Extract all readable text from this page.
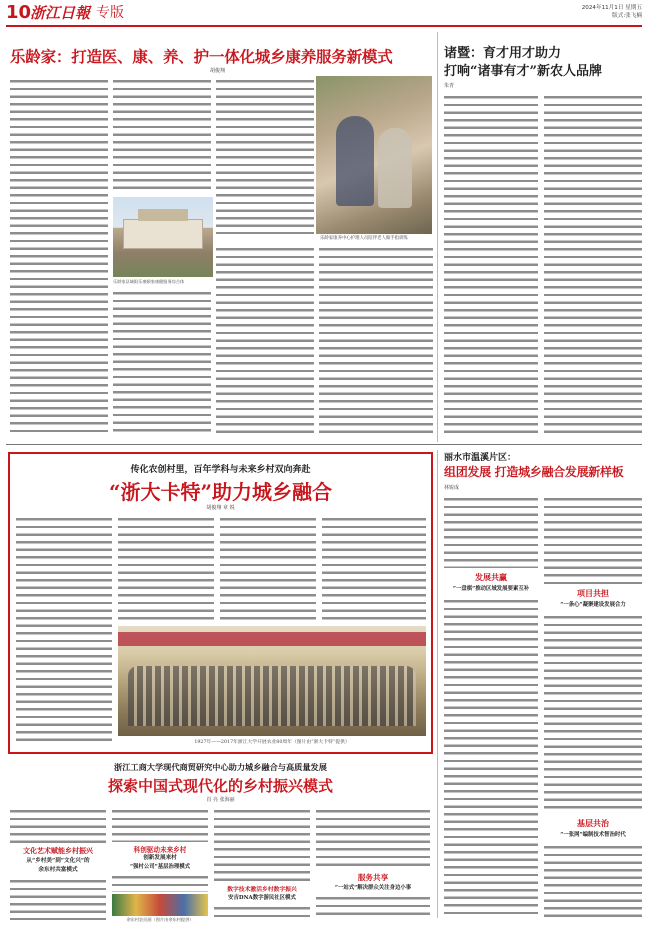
10
浙江日報 专版	2024年11月1日 星期五
版式:张飞楠
乐龄家：打造医、康、养、护一体化城乡康养服务新模式
胡俊翔
乐龄家康养中心护理人员陪伴老人做手指训练
乐龄家县域阳乐康颐家康健服务综合体
诸暨：育才用才助力
打响“诸事有才”新农人品牌
朱青
传化农创村里，百年学科与未来乡村双向奔赴
“浙大卡特”助力城乡融合
胡俊翔 章 锐
1927年——2017年浙江大学开展农业80周年（图片由“浙大卡特”提供）
丽水市温溪片区：
组团发展 打造城乡融合发展新样板
林锐成
发展共赢
“一盘棋”推动区域发展要素互补	项目共担
“一条心”凝聚建设发展合力
基层共治
“一张网”编制技术智治时代
浙江工商大学现代商贸研究中心助力城乡融合与高质量发展
探索中国式现代化的乡村振兴模式
肖 亮 张海丽
文化艺术赋能乡村振兴
从“乡村美”到“文化兴”的
余东村共富模式
科创驱动未来乡村
创新发展来村
“强村公司”基层治理模式
余东村农民画（图片由余东村提供）
数字技术激活乡村数字振兴
安吉DNA数字游民社区模式
服务共享
“一站式”解决群众关注身边小事
